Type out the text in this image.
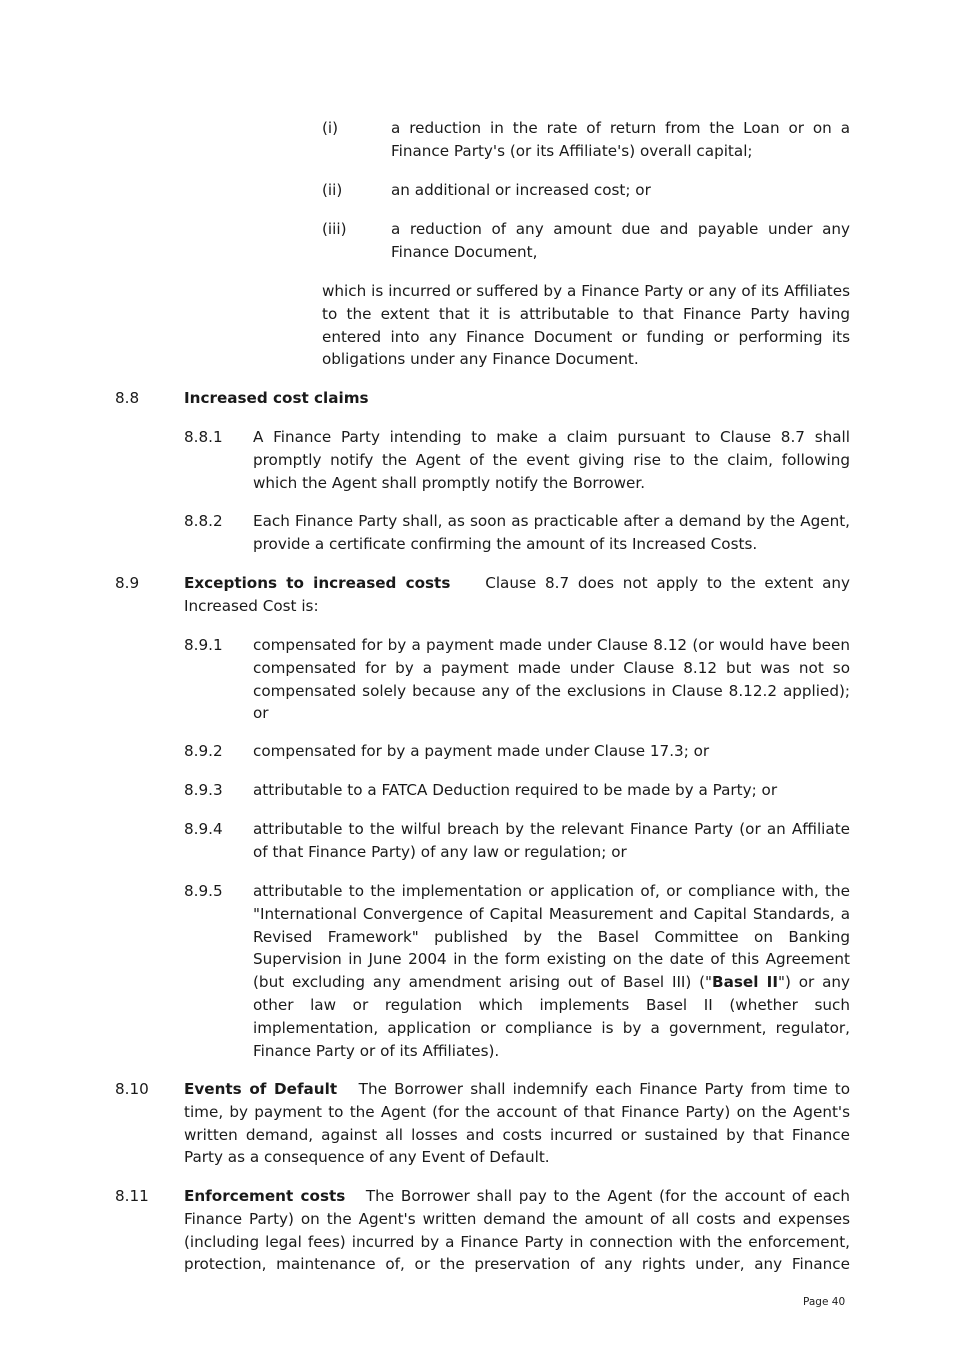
(i)	a reduction in the rate of return from the Loan or on a Finance Party's (or its Affiliate's) overall capital;

(ii)	an additional or increased cost; or

(iii)	a reduction of any amount due and payable under any Finance Document,

which is incurred or suffered by a Finance Party or any of its Affiliates to the extent that it is attributable to that Finance Party having entered into any Finance Document or funding or performing its obligations under any Finance Document.

8.8	Increased cost claims

8.8.1 A Finance Party intending to make a claim pursuant to Clause 8.7 shall promptly notify the Agent of the event giving rise to the claim, following which the Agent shall promptly notify the Borrower.

8.8.2 Each Finance Party shall, as soon as practicable after a demand by the Agent, provide a certificate confirming the amount of its Increased Costs.

8.9	Exceptions to increased costs Clause 8.7 does not apply to the extent any Increased Cost is:

8.9.1 compensated for by a payment made under Clause 8.12 (or would have been compensated for by a payment made under Clause 8.12 but was not so compensated solely because any of the exclusions in Clause 8.12.2 applied); or

8.9.2 compensated for by a payment made under Clause 17.3; or

8.9.3 attributable to a FATCA Deduction required to be made by a Party; or

8.9.4 attributable to the wilful breach by the relevant Finance Party (or an Affiliate of that Finance Party) of any law or regulation; or

8.9.5 attributable to the implementation or application of, or compliance with, the "International Convergence of Capital Measurement and Capital Standards, a Revised Framework" published by the Basel Committee on Banking Supervision in June 2004 in the form existing on the date of this Agreement (but excluding any amendment arising out of Basel III) ("Basel II") or any other law or regulation which implements Basel II (whether such implementation, application or compliance is by a government, regulator, Finance Party or of its Affiliates).

8.10 Events of Default The Borrower shall indemnify each Finance Party from time to time, by payment to the Agent (for the account of that Finance Party) on the Agent's written demand, against all losses and costs incurred or sustained by that Finance Party as a consequence of any Event of Default.

8.11 Enforcement costs The Borrower shall pay to the Agent (for the account of each Finance Party) on the Agent's written demand the amount of all costs and expenses (including legal fees) incurred by a Finance Party in connection with the enforcement, protection, maintenance of, or the preservation of any rights under, any Finance

Page 40
